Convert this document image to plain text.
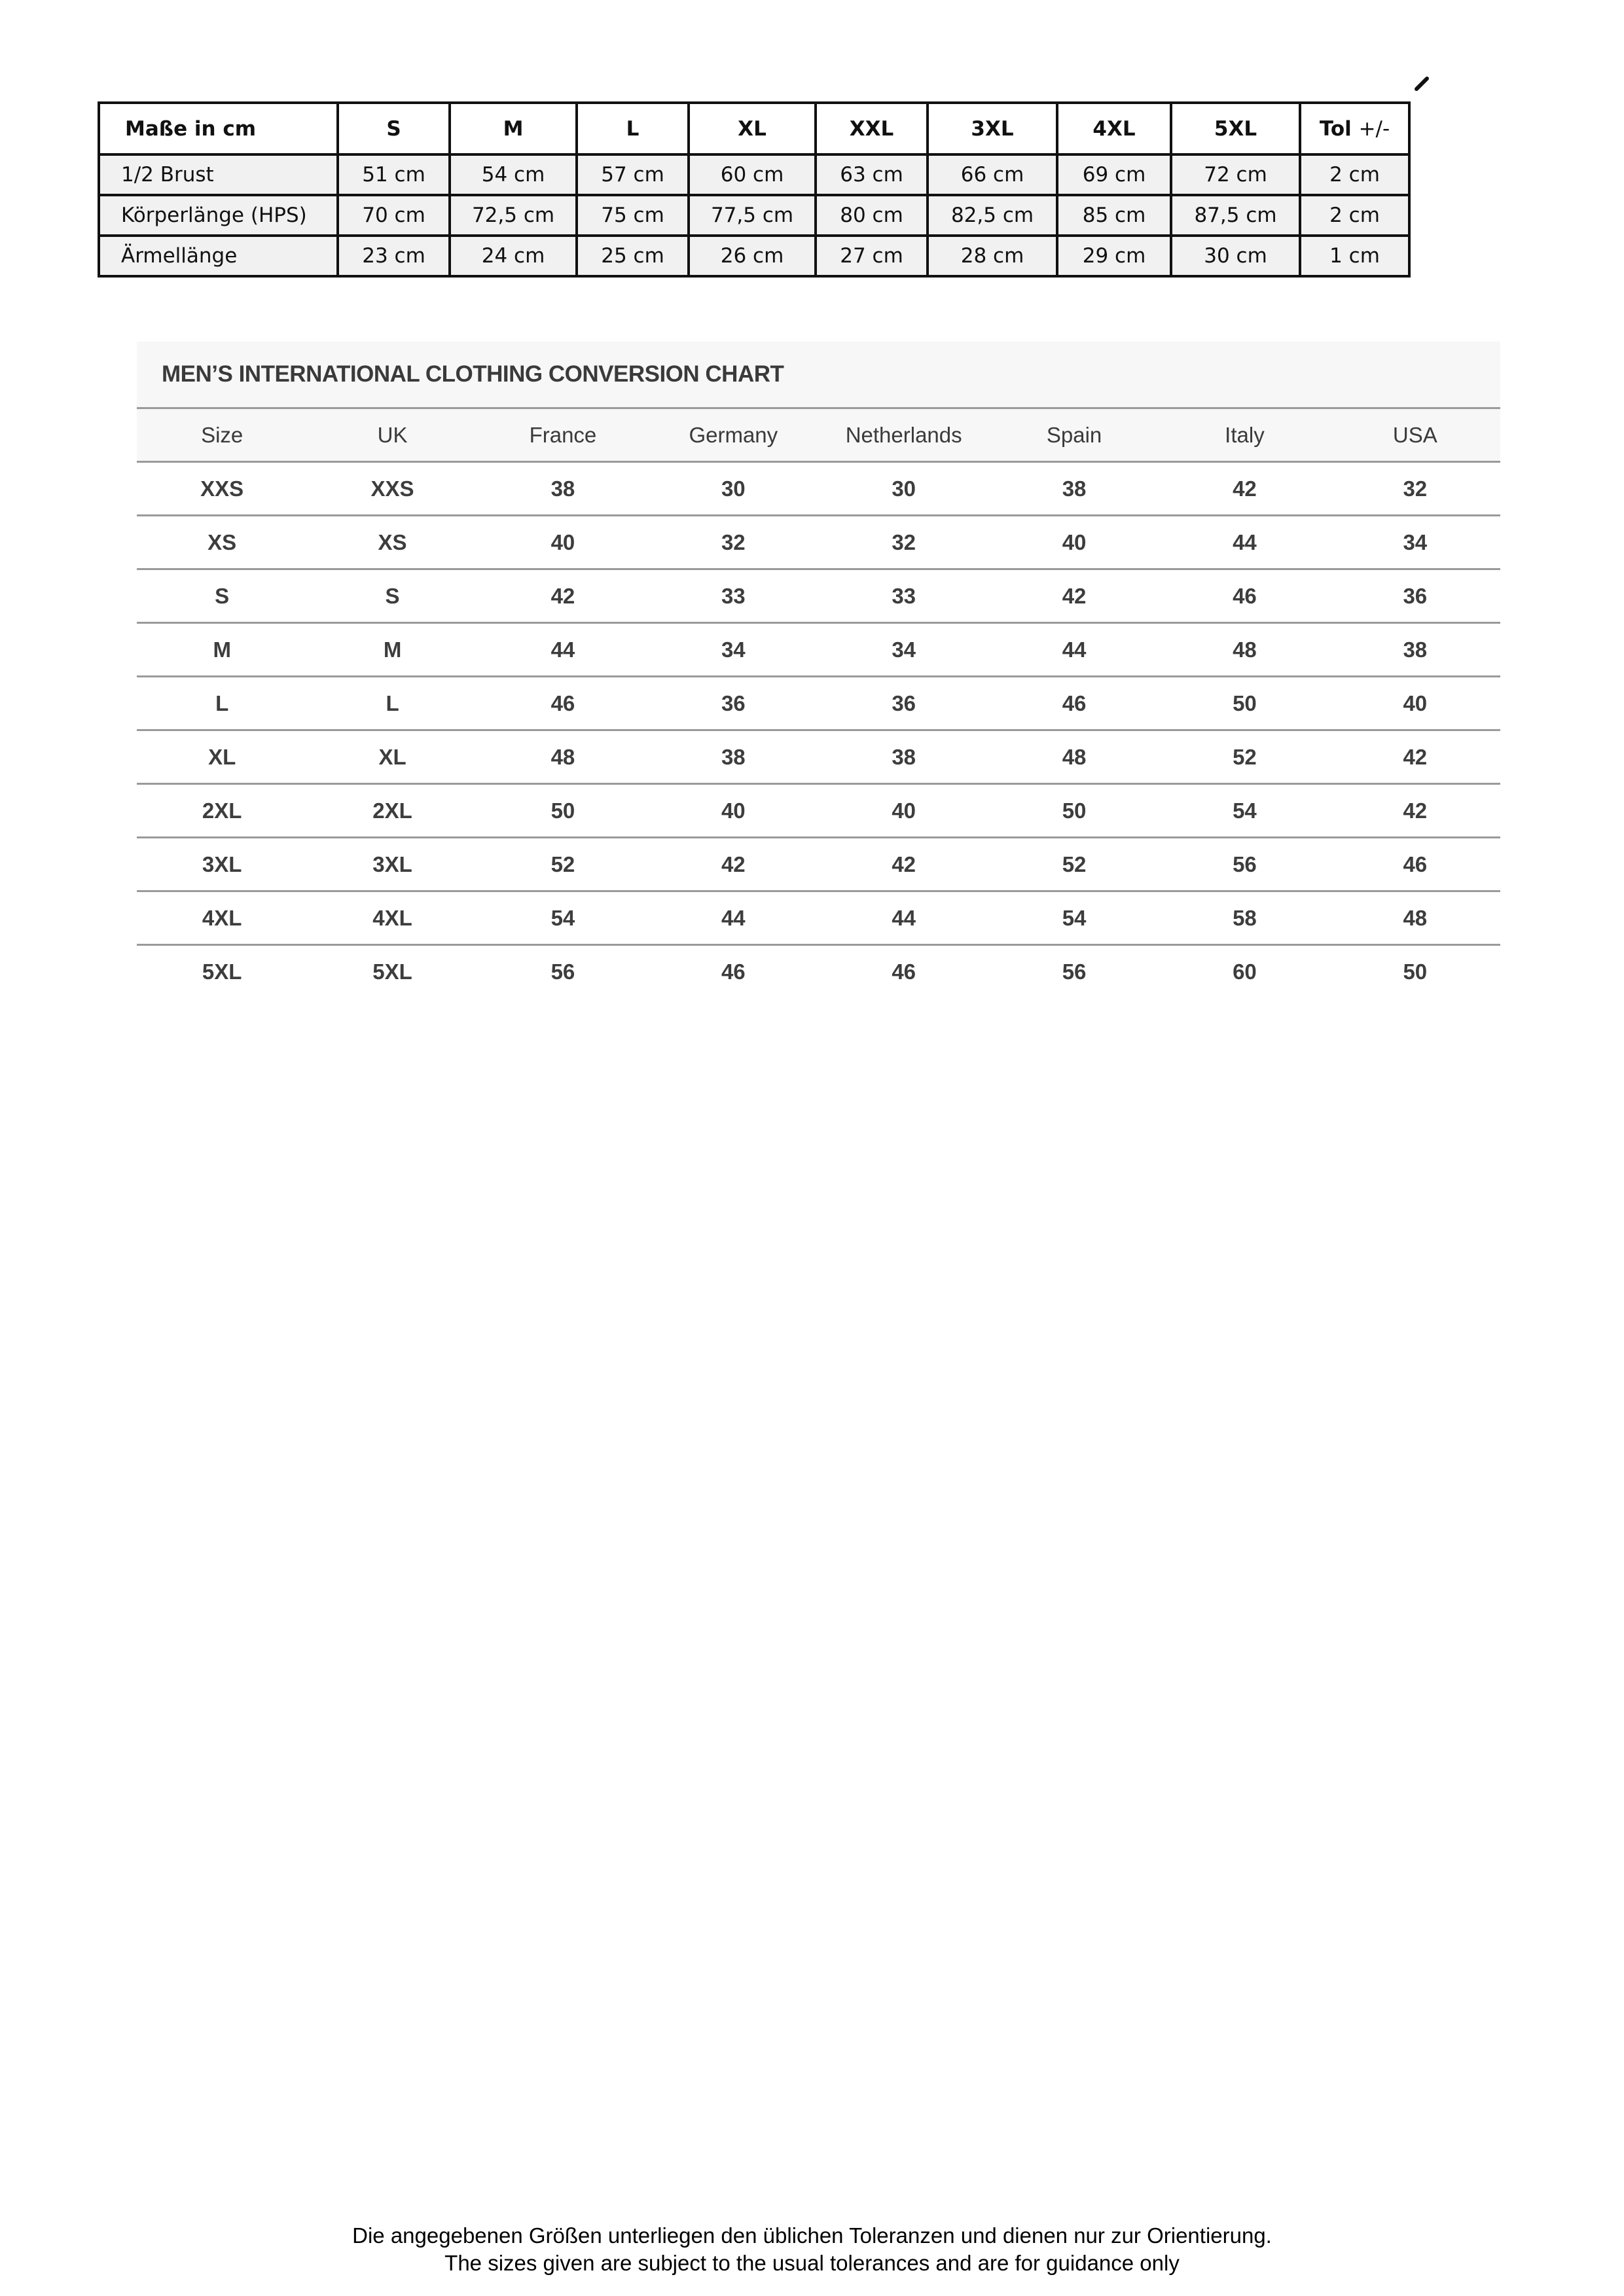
Maße in cm	S	M	L	XL	XXL	3XL	4XL	5XL	Tol +/-
1/2 Brust	51 cm	54 cm	57 cm	60 cm	63 cm	66 cm	69 cm	72 cm	2 cm
Körperlänge (HPS)	70 cm	72,5 cm	75 cm	77,5 cm	80 cm	82,5 cm	85 cm	87,5 cm	2 cm
Ärmellänge	23 cm	24 cm	25 cm	26 cm	27 cm	28 cm	29 cm	30 cm	1 cm
MEN’S INTERNATIONAL CLOTHING CONVERSION CHART
Size	UK	France	Germany	Netherlands	Spain	Italy	USA
XXS	XXS	38	30	30	38	42	32
XS	XS	40	32	32	40	44	34
S	S	42	33	33	42	46	36
M	M	44	34	34	44	48	38
L	L	46	36	36	46	50	40
XL	XL	48	38	38	48	52	42
2XL	2XL	50	40	40	50	54	42
3XL	3XL	52	42	42	52	56	46
4XL	4XL	54	44	44	54	58	48
5XL	5XL	56	46	46	56	60	50
Die angegebenen Größen unterliegen den üblichen Toleranzen und dienen nur zur Orientierung.
The sizes given are subject to the usual tolerances and are for guidance only
